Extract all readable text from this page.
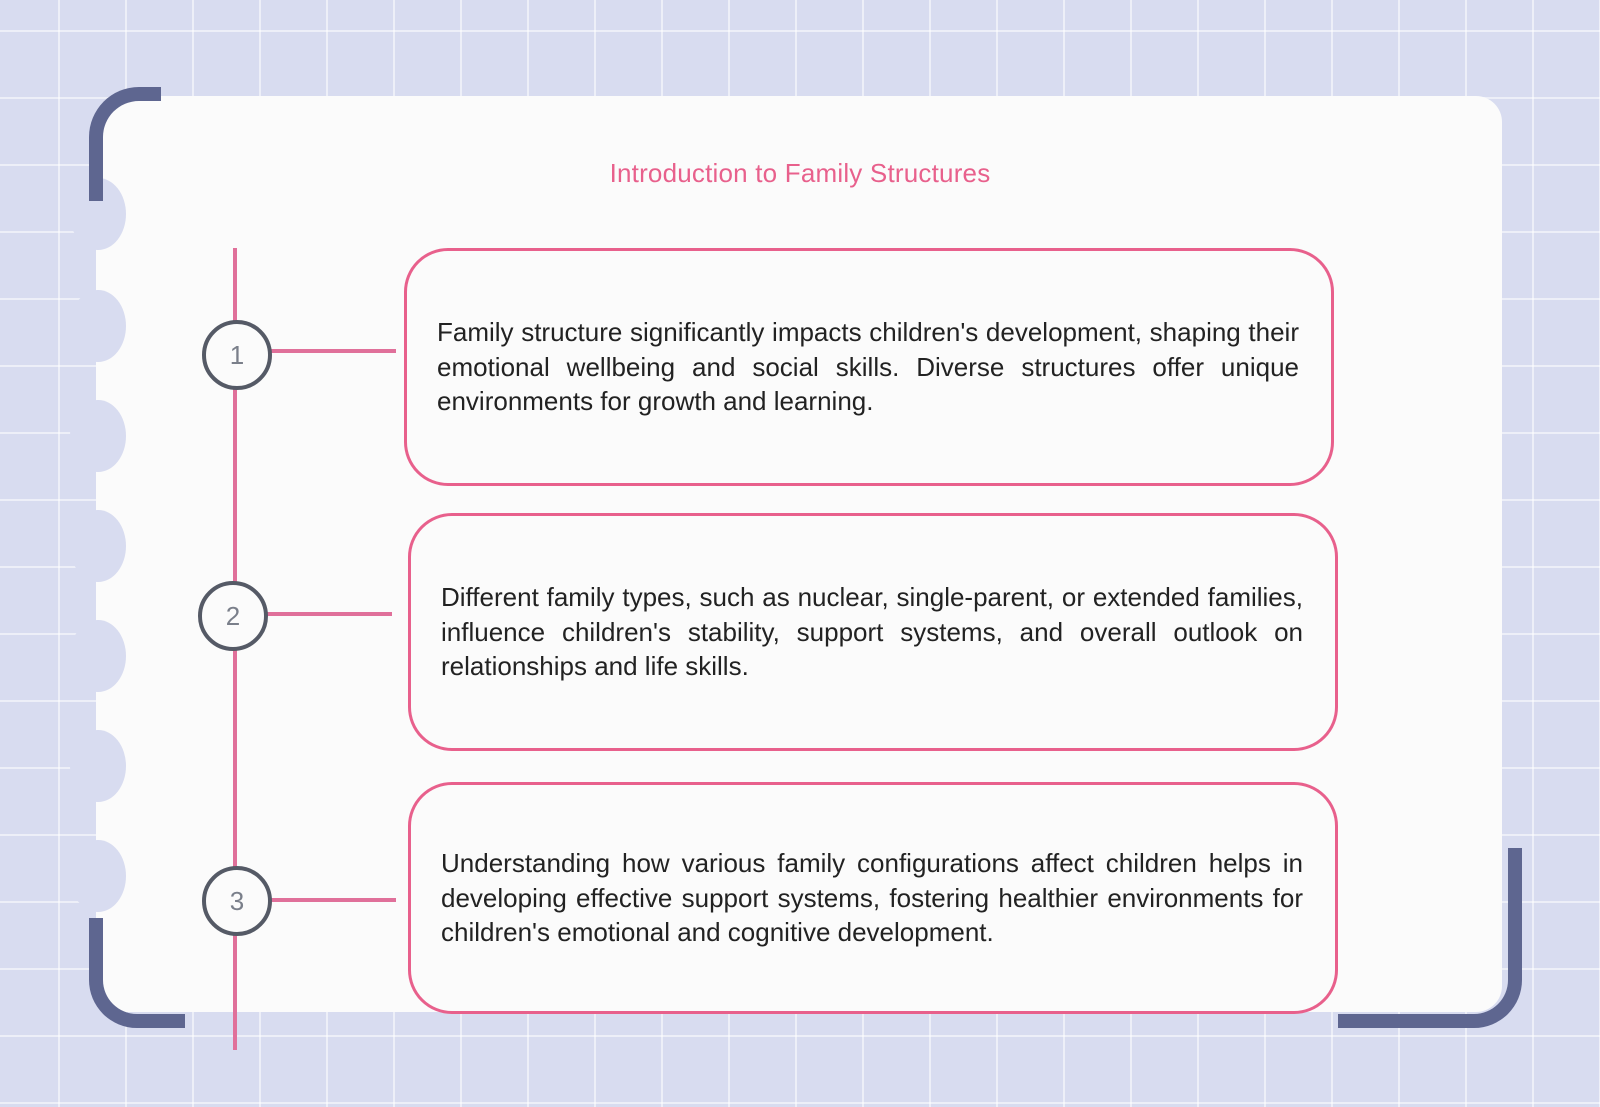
Introduction to Family Structures
1
2
3
Family structure significantly impacts children's development, shaping their emotional wellbeing and social skills. Diverse structures offer unique environments for growth and learning.
Different family types, such as nuclear, single-parent, or extended families, influence children's stability, support systems, and overall outlook on relationships and life skills.
Understanding how various family configurations affect children helps in developing effective support systems, fostering healthier environments for children's emotional and cognitive development.
